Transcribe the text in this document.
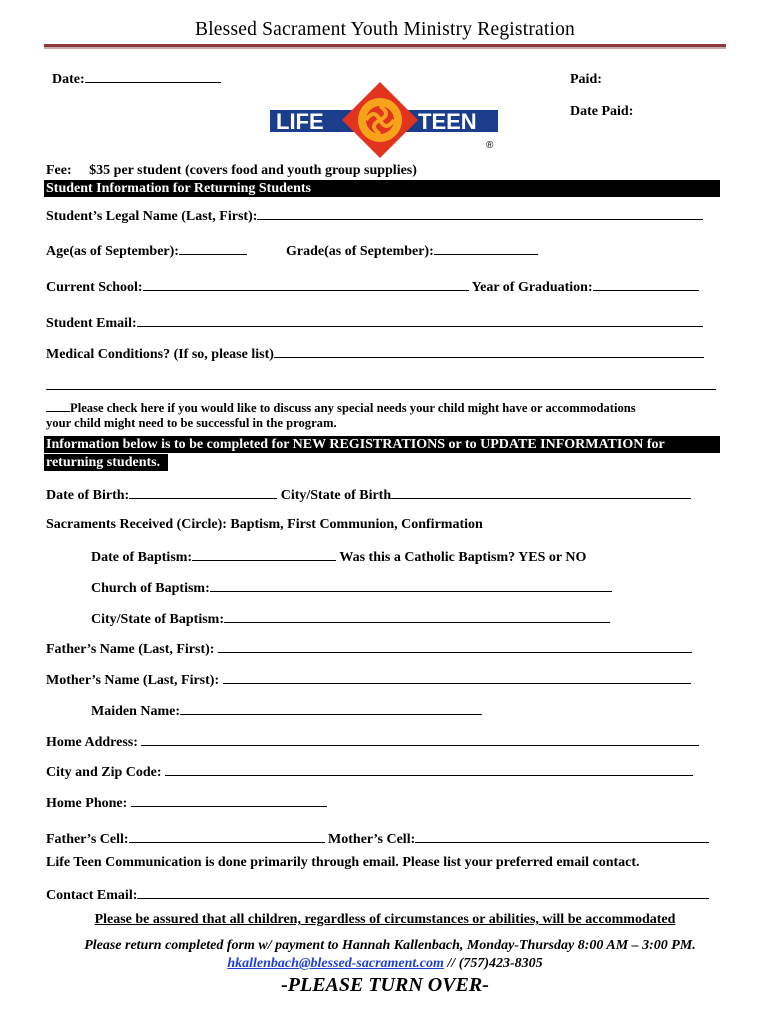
Blessed Sacrament Youth Ministry Registration
Date:	Paid:
Date Paid:
LIFE	TEEN
®
Fee: $35 per student (covers food and youth group supplies)
Student Information for Returning Students
Student’s Legal Name (Last, First):
Age(as of September):	Grade(as of September):
Current School:	Year of Graduation:
Student Email:
Medical Conditions? (If so, please list)
Please check here if you would like to discuss any special needs your child might have or accommodations
your child might need to be successful in the program.
Information below is to be completed for NEW REGISTRATIONS or to UPDATE INFORMATION for
returning students.
Date of Birth:	City/State of Birth
Sacraments Received (Circle): Baptism, First Communion, Confirmation
Date of Baptism:	Was this a Catholic Baptism? YES or NO
Church of Baptism:
City/State of Baptism:
Father’s Name (Last, First):
Mother’s Name (Last, First):
Maiden Name:
Home Address:
City and Zip Code:
Home Phone:
Father’s Cell:	Mother’s Cell:
Life Teen Communication is done primarily through email. Please list your preferred email contact.
Contact Email:
Please be assured that all children, regardless of circumstances or abilities, will be accommodated
Please return completed form w/ payment to Hannah Kallenbach, Monday-Thursday 8:00 AM – 3:00 PM.
hkallenbach@blessed-sacrament.com // (757)423-8305
-PLEASE TURN OVER-
